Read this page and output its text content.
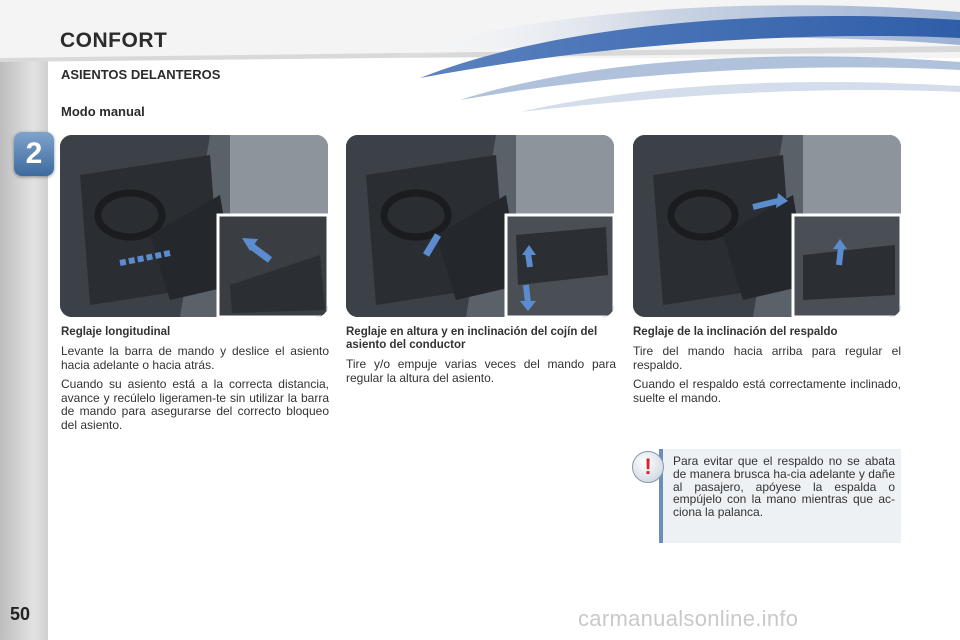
2
50
CONFORT
ASIENTOS DELANTEROS
Modo manual
Reglaje longitudinal

Levante la barra de mando y deslice el asiento hacia adelante o hacia atrás.

Cuando su asiento está a la correcta distancia, avance y recúlelo ligeramen-te sin utilizar la barra de mando para asegurarse del correcto bloqueo del asiento.

Reglaje en altura y en inclinación del cojín del asiento del conductor

Tire y/o empuje varias veces del mando para regular la altura del asiento.

Reglaje de la inclinación del respaldo

Tire del mando hacia arriba para regular el respaldo.

Cuando el respaldo está correctamente inclinado, suelte el mando.

!	Para evitar que el respaldo no se abata de manera brusca ha-cia adelante y dañe al pasajero, apóyese la espalda o empújelo con la mano mientras que ac-ciona la palanca.

carmanualsonline.info
